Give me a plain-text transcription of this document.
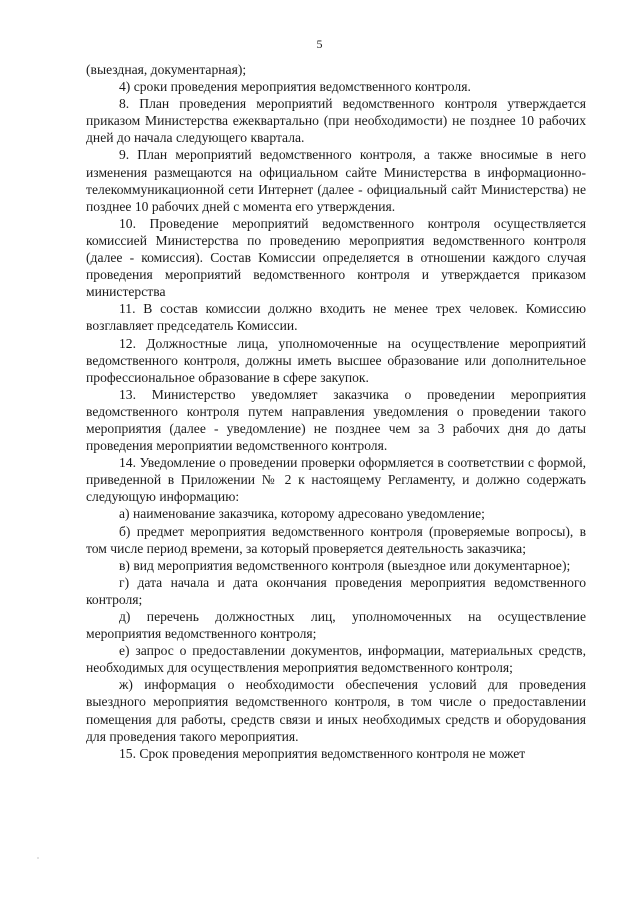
5

(выездная, документарная);

4) сроки проведения мероприятия ведомственного контроля.

8. План проведения мероприятий ведомственного контроля утверждается приказом Министерства ежеквартально (при необходимости) не позднее 10 рабочих дней до начала следующего квартала.

9. План мероприятий ведомственного контроля, а также вносимые в него изменения размещаются на официальном сайте Министерства в информационно-телекоммуникационной сети Интернет (далее - официальный сайт Министерства) не позднее 10 рабочих дней с момента его утверждения.

10. Проведение мероприятий ведомственного контроля осуществляется комиссией Министерства по проведению мероприятия ведомственного контроля (далее - комиссия). Состав Комиссии определяется в отношении каждого случая проведения мероприятий ведомственного контроля и утверждается приказом министерства

11. В состав комиссии должно входить не менее трех человек. Комиссию возглавляет председатель Комиссии.

12. Должностные лица, уполномоченные на осуществление мероприятий ведомственного контроля, должны иметь высшее образование или дополнительное профессиональное образование в сфере закупок.

13. Министерство уведомляет заказчика о проведении мероприятия ведомственного контроля путем направления уведомления о проведении такого мероприятия (далее - уведомление) не позднее чем за 3 рабочих дня до даты проведения мероприятии ведомственного контроля.

14. Уведомление о проведении проверки оформляется в соответствии с формой, приведенной в Приложении № 2 к настоящему Регламенту, и должно содержать следующую информацию:

а) наименование заказчика, которому адресовано уведомление;

б) предмет мероприятия ведомственного контроля (проверяемые вопросы), в том числе период времени, за который проверяется деятельность заказчика;

в) вид мероприятия ведомственного контроля (выездное или документарное);

г) дата начала и дата окончания проведения мероприятия ведомственного контроля;

д) перечень должностных лиц, уполномоченных на осуществление мероприятия ведомственного контроля;

е) запрос о предоставлении документов, информации, материальных средств, необходимых для осуществления мероприятия ведомственного контроля;

ж) информация о необходимости обеспечения условий для проведения выездного мероприятия ведомственного контроля, в том числе о предоставлении помещения для работы, средств связи и иных необходимых средств и оборудования для проведения такого мероприятия.

15. Срок проведения мероприятия ведомственного контроля не может
